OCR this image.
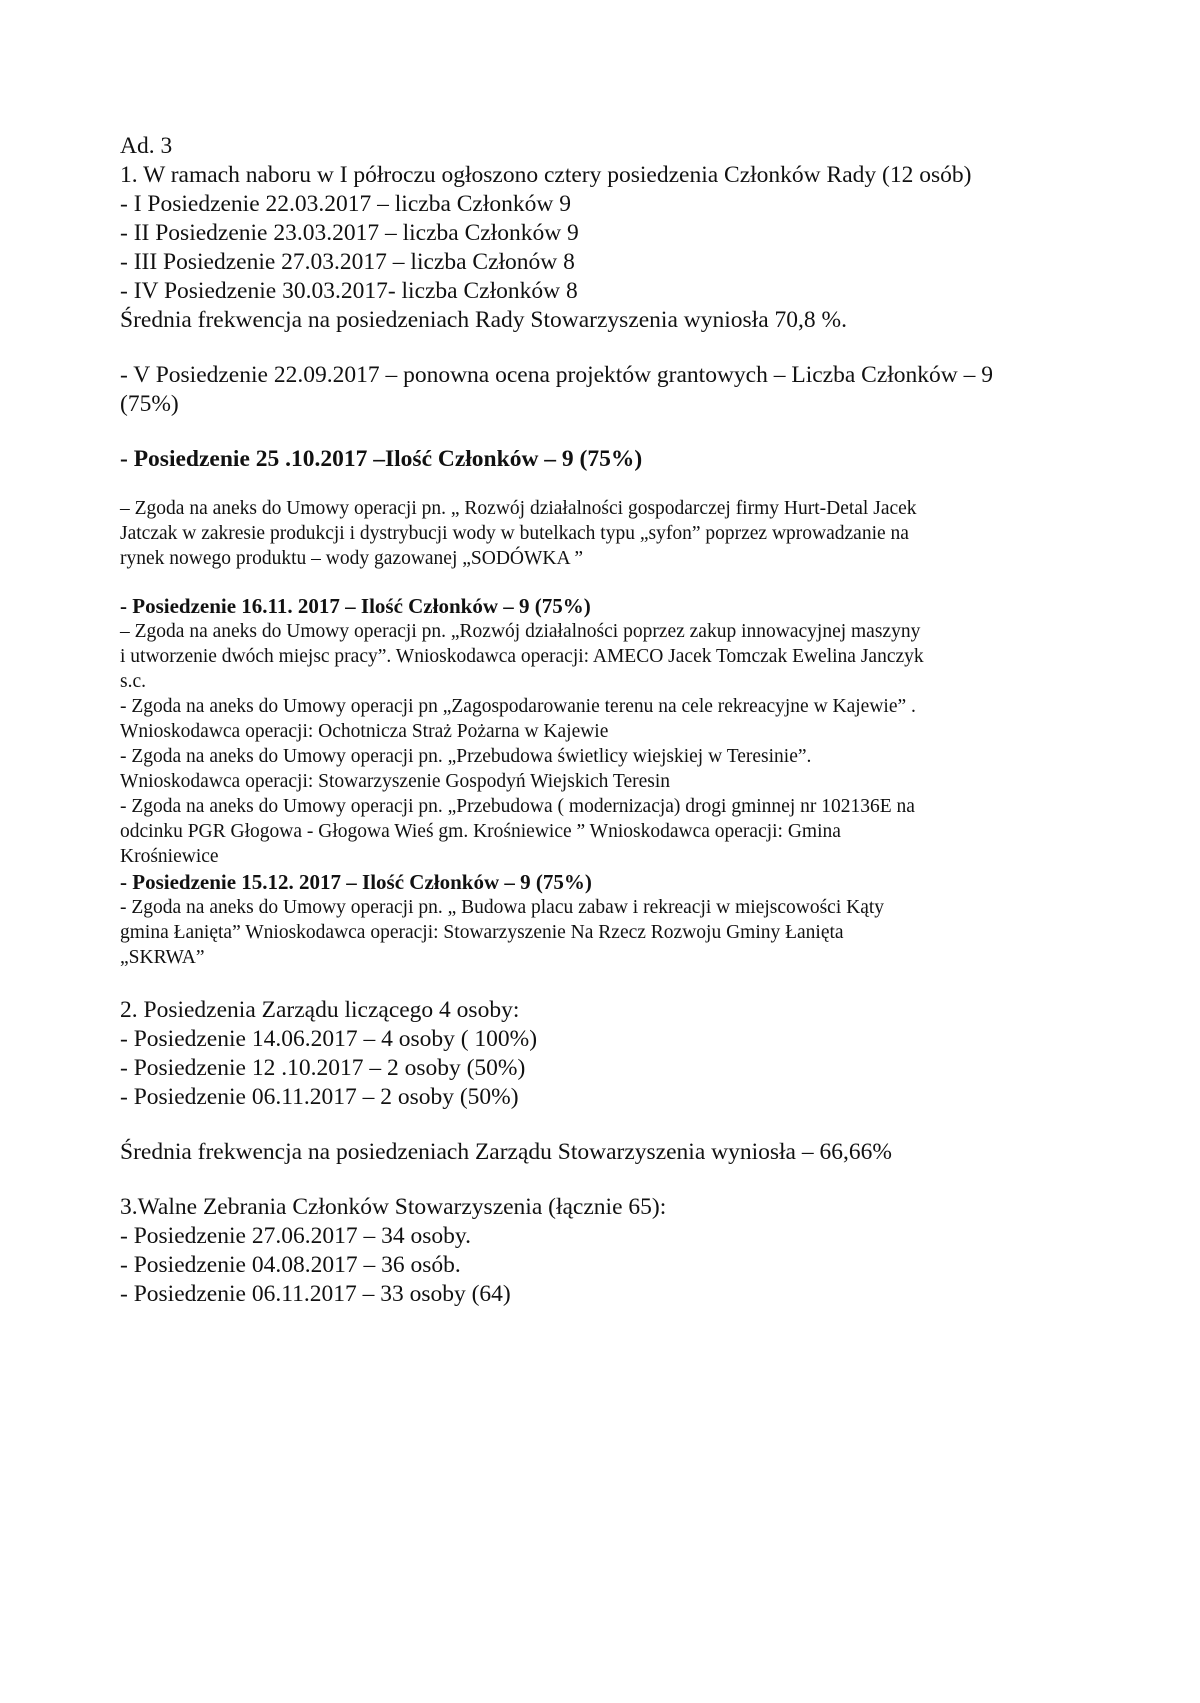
Ad. 3
1. W ramach naboru w I półroczu ogłoszono cztery posiedzenia Członków Rady (12 osób)
- I Posiedzenie 22.03.2017 – liczba Członków 9
- II Posiedzenie 23.03.2017 – liczba Członków 9
- III Posiedzenie 27.03.2017 – liczba Członów 8
- IV Posiedzenie 30.03.2017- liczba Członków 8
Średnia frekwencja na posiedzeniach Rady Stowarzyszenia wyniosła 70,8 %.
- V Posiedzenie 22.09.2017 – ponowna ocena projektów grantowych – Liczba Członków – 9
(75%)
- Posiedzenie 25 .10.2017 –Ilość Członków – 9 (75%)
– Zgoda na aneks do Umowy operacji pn. „ Rozwój działalności gospodarczej firmy Hurt-Detal Jacek
Jatczak w zakresie produkcji i dystrybucji wody w butelkach typu „syfon” poprzez wprowadzanie na
rynek nowego produktu – wody gazowanej „SODÓWKA ”
- Posiedzenie 16.11. 2017 – Ilość Członków – 9 (75%)
– Zgoda na aneks do Umowy operacji pn. „Rozwój działalności poprzez zakup innowacyjnej maszyny
i utworzenie dwóch miejsc pracy”. Wnioskodawca operacji: AMECO Jacek Tomczak Ewelina Janczyk
s.c.
- Zgoda na aneks do Umowy operacji pn „Zagospodarowanie terenu na cele rekreacyjne w Kajewie” .
Wnioskodawca operacji: Ochotnicza Straż Pożarna w Kajewie
- Zgoda na aneks do Umowy operacji pn. „Przebudowa świetlicy wiejskiej w Teresinie”.
Wnioskodawca operacji: Stowarzyszenie Gospodyń Wiejskich Teresin
- Zgoda na aneks do Umowy operacji pn. „Przebudowa ( modernizacja) drogi gminnej nr 102136E na
odcinku PGR Głogowa - Głogowa Wieś gm. Krośniewice ” Wnioskodawca operacji: Gmina
Krośniewice
- Posiedzenie 15.12. 2017 – Ilość Członków – 9 (75%)
- Zgoda na aneks do Umowy operacji pn. „ Budowa placu zabaw i rekreacji w miejscowości Kąty
gmina Łanięta” Wnioskodawca operacji: Stowarzyszenie Na Rzecz Rozwoju Gminy Łanięta
„SKRWA”
2. Posiedzenia Zarządu liczącego 4 osoby:
- Posiedzenie 14.06.2017 – 4 osoby ( 100%)
- Posiedzenie 12 .10.2017 – 2 osoby (50%)
- Posiedzenie 06.11.2017 – 2 osoby (50%)
Średnia frekwencja na posiedzeniach Zarządu Stowarzyszenia wyniosła – 66,66%
3.Walne Zebrania Członków Stowarzyszenia (łącznie 65):
- Posiedzenie 27.06.2017 – 34 osoby.
- Posiedzenie 04.08.2017 – 36 osób.
- Posiedzenie 06.11.2017 – 33 osoby (64)
